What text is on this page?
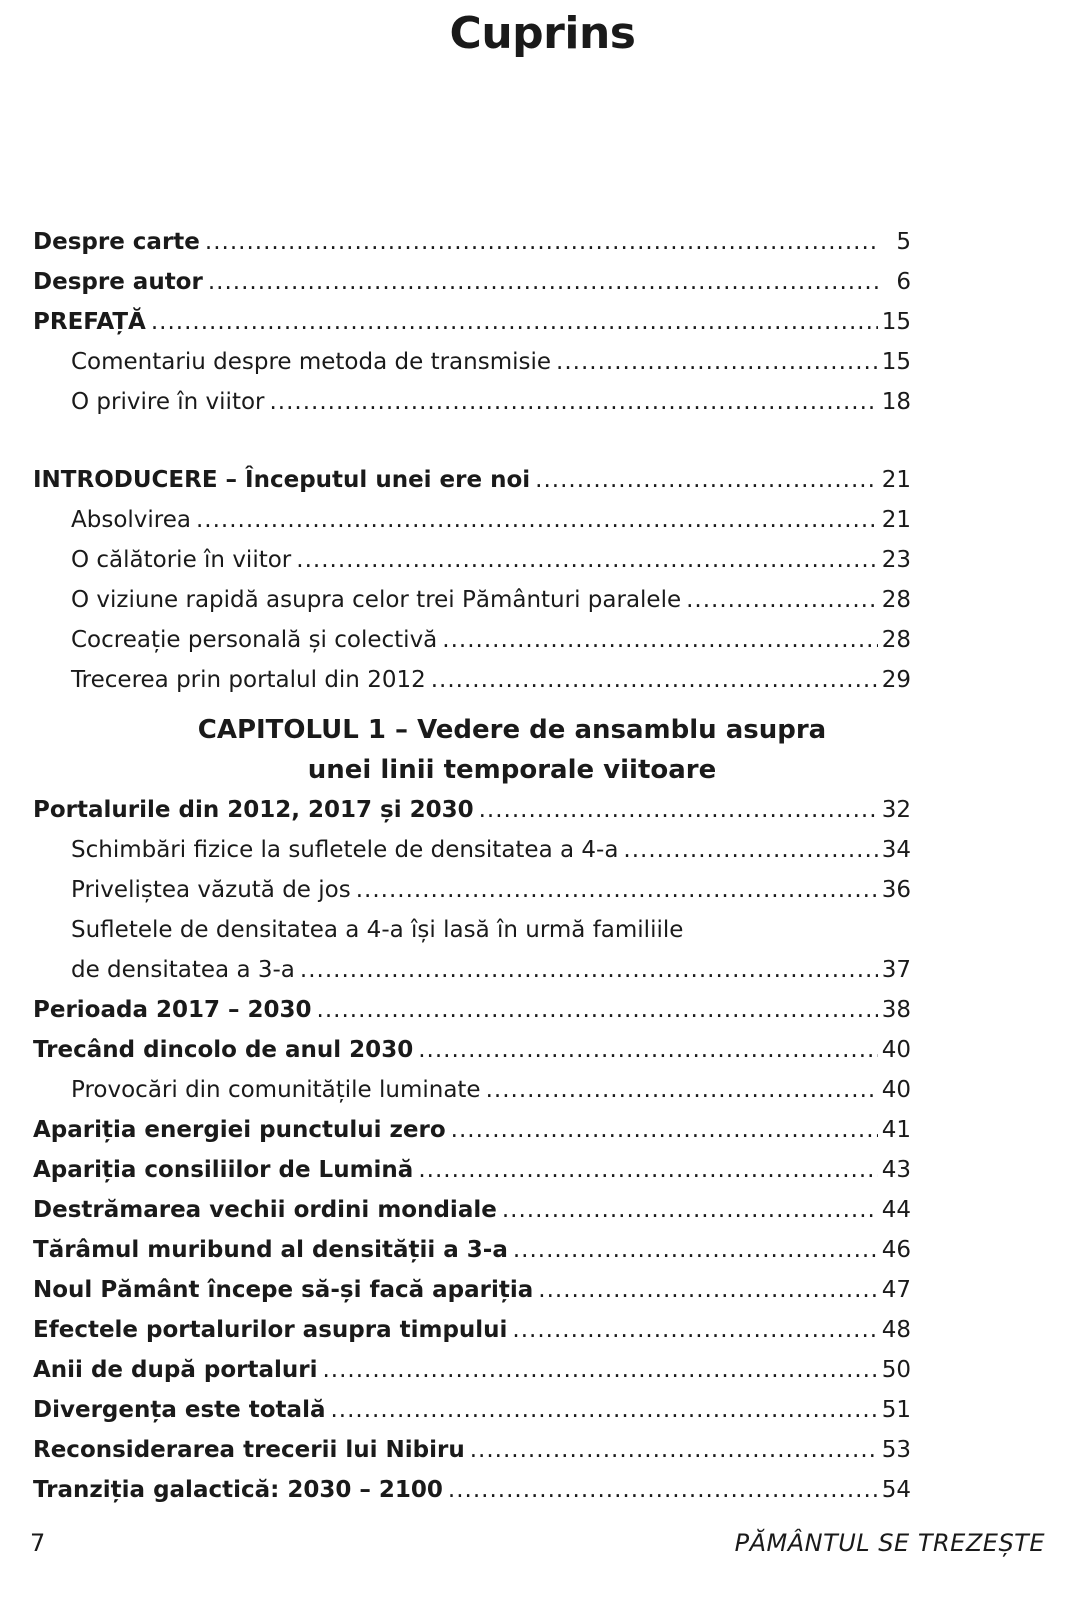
Cuprins
Despre carte .....	5
Despre autor .....	6
PREFAȚĂ .....	15
Comentariu despre metoda de transmisie .....	15
O privire în viitor .....	18
INTRODUCERE – Începutul unei ere noi .....	21
Absolvirea .....	21
O călătorie în viitor .....	23
O viziune rapidă asupra celor trei Pământuri paralele .....	28
Cocreație personală și colectivă .....	28
Trecerea prin portalul din 2012 .....	29
CAPITOLUL 1 – Vedere de ansamblu asupra
unei linii temporale viitoare
Portalurile din 2012, 2017 și 2030 .....	32
Schimbări fizice la sufletele de densitatea a 4-a .....	34
Priveliștea văzută de jos .....	36
Sufletele de densitatea a 4-a își lasă în urmă familiile
de densitatea a 3-a .....	37
Perioada 2017 – 2030 .....	38
Trecând dincolo de anul 2030 .....	40
Provocări din comunitățile luminate .....	40
Apariția energiei punctului zero .....	41
Apariția consiliilor de Lumină .....	43
Destrămarea vechii ordini mondiale .....	44
Tărâmul muribund al densității a 3-a .....	46
Noul Pământ începe să-și facă apariția .....	47
Efectele portalurilor asupra timpului .....	48
Anii de după portaluri .....	50
Divergența este totală .....	51
Reconsiderarea trecerii lui Nibiru .....	53
Tranziția galactică: 2030 – 2100 .....	54
7	PĂMÂNTUL SE TREZEȘTE
